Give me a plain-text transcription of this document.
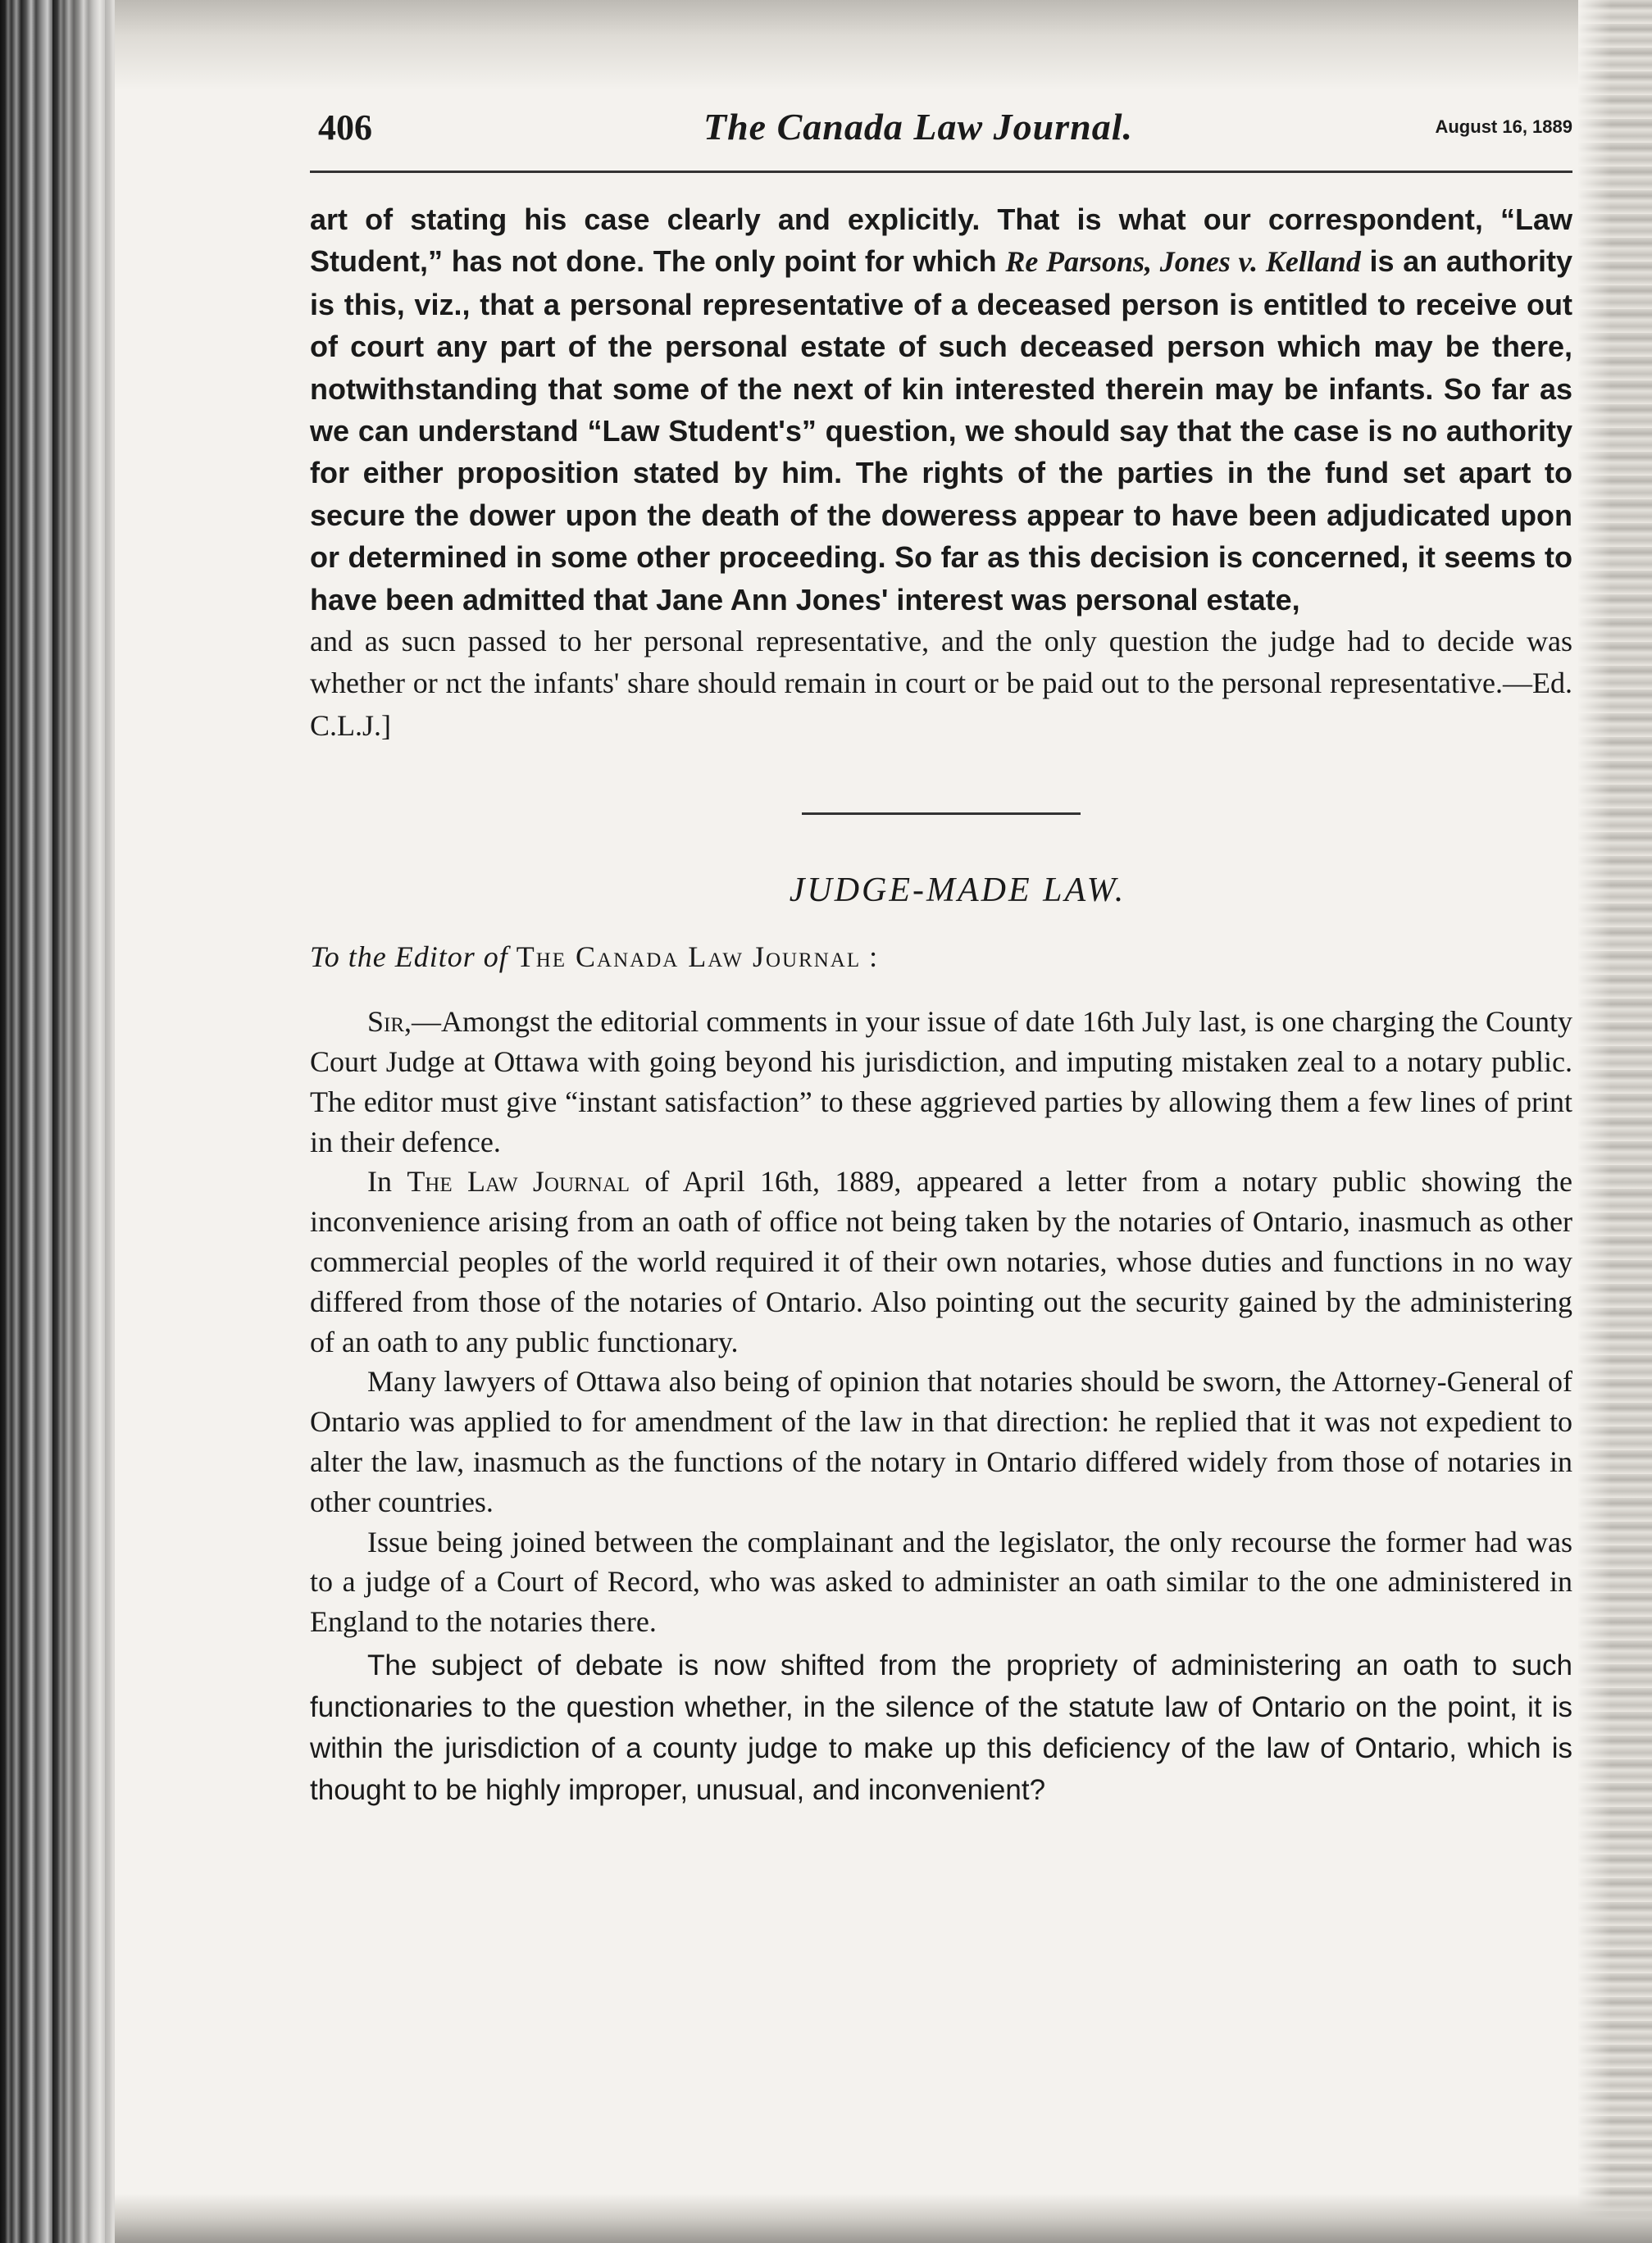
406	The Canada Law Journal.	August 16, 1889
art of stating his case clearly and explicitly. That is what our correspondent, “Law Student,” has not done. The only point for which Re Parsons, Jones v. Kelland is an authority is this, viz., that a personal representative of a deceased person is entitled to receive out of court any part of the personal estate of such deceased person which may be there, notwithstanding that some of the next of kin interested therein may be infants. So far as we can understand “Law Student's” question, we should say that the case is no authority for either proposition stated by him. The rights of the parties in the fund set apart to secure the dower upon the death of the doweress appear to have been adjudicated upon or determined in some other proceeding. So far as this decision is concerned, it seems to have been admitted that Jane Ann Jones' interest was personal estate,
and as sucn passed to her personal representative, and the only question the judge had to decide was whether or nct the infants' share should remain in court or be paid out to the personal representative.—Ed. C.L.J.]
JUDGE-MADE LAW.
To the Editor of The Canada Law Journal :

Sir,—Amongst the editorial comments in your issue of date 16th July last, is one charging the County Court Judge at Ottawa with going beyond his jurisdiction, and imputing mistaken zeal to a notary public. The editor must give “instant satisfaction” to these aggrieved parties by allowing them a few lines of print in their defence.

In The Law Journal of April 16th, 1889, appeared a letter from a notary public showing the inconvenience arising from an oath of office not being taken by the notaries of Ontario, inasmuch as other commercial peoples of the world required it of their own notaries, whose duties and functions in no way differed from those of the notaries of Ontario. Also pointing out the security gained by the administering of an oath to any public functionary.

Many lawyers of Ottawa also being of opinion that notaries should be sworn, the Attorney-General of Ontario was applied to for amendment of the law in that direction: he replied that it was not expedient to alter the law, inasmuch as the functions of the notary in Ontario differed widely from those of notaries in other countries.

Issue being joined between the complainant and the legislator, the only recourse the former had was to a judge of a Court of Record, who was asked to administer an oath similar to the one administered in England to the notaries there.

The subject of debate is now shifted from the propriety of administering an oath to such functionaries to the question whether, in the silence of the statute law of Ontario on the point, it is within the jurisdiction of a county judge to make up this deficiency of the law of Ontario, which is thought to be highly improper, unusual, and inconvenient?
